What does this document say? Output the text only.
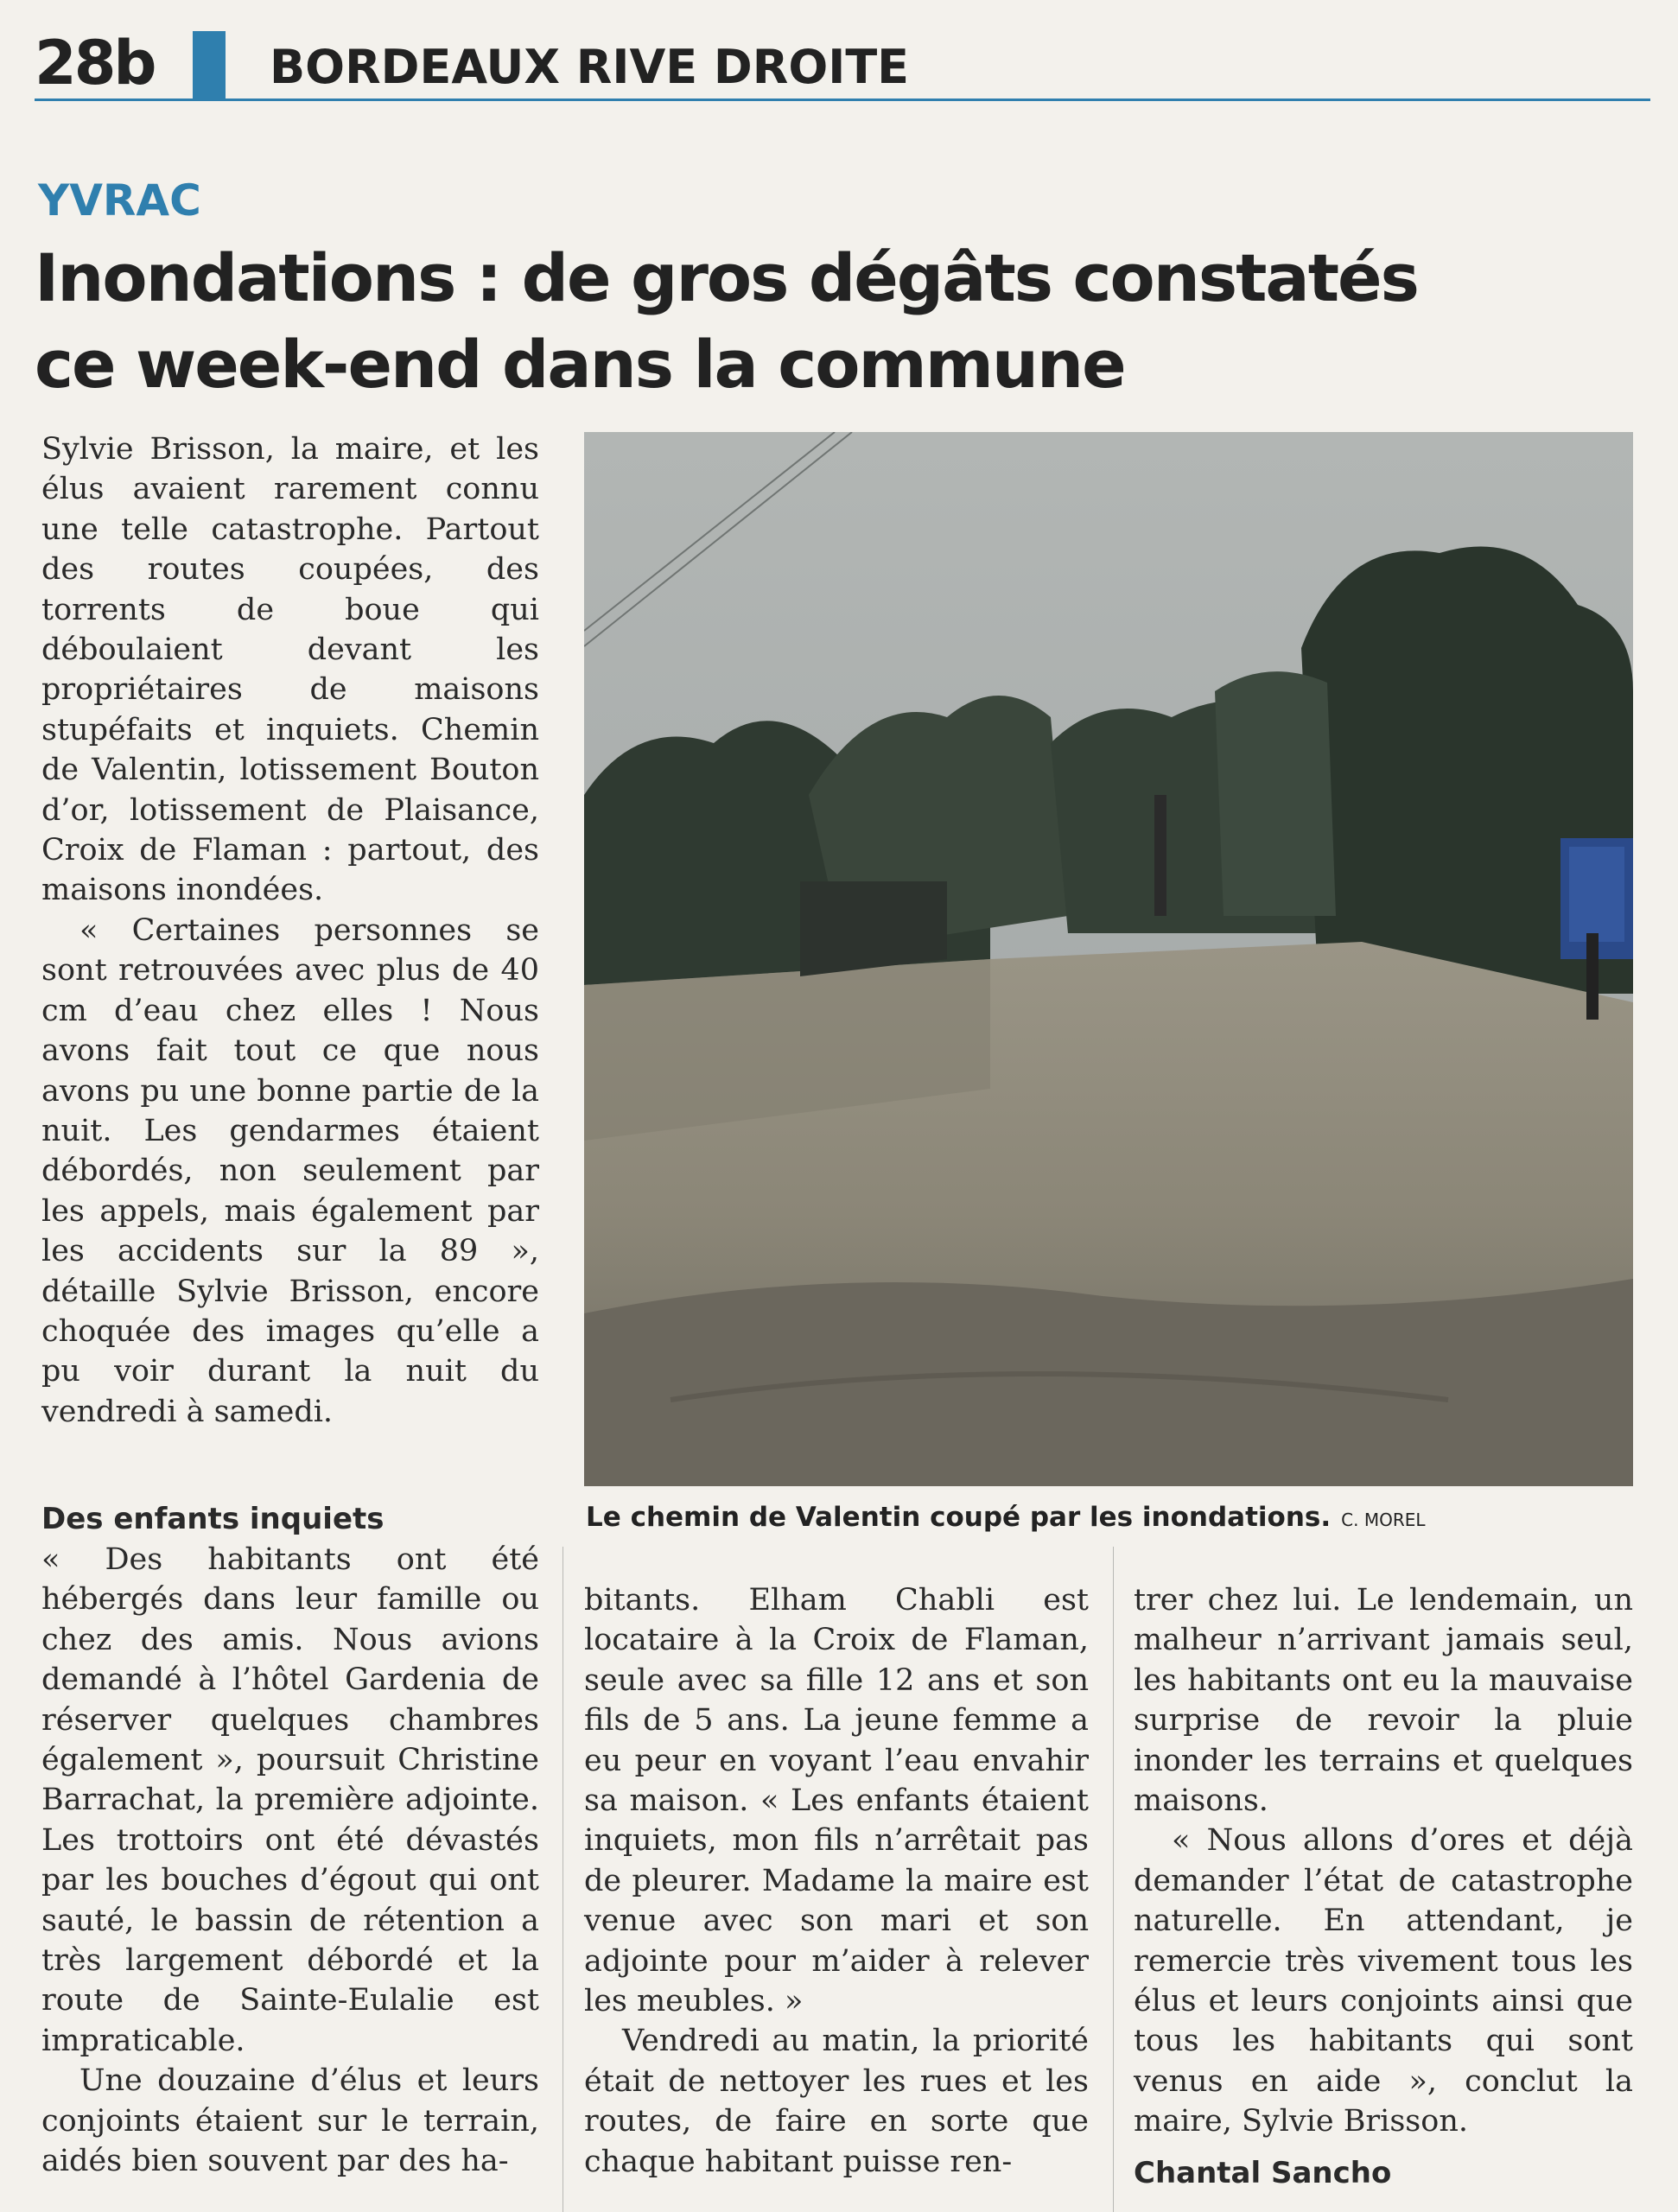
28b BORDEAUX RIVE DROITE
YVRAC
Inondations : de gros dégâts constatés
ce week-end dans la commune

Sylvie Brisson, la maire, et les élus avaient rarement connu une telle catastrophe. Partout des routes coupées, des torrents de boue qui déboulaient devant les propriétaires de maisons stupéfaits et inquiets. Chemin de Valentin, lotissement Bouton d’or, lotissement de Plaisance, Croix de Flaman : partout, des maisons inondées.

« Certaines personnes se sont retrouvées avec plus de 40 cm d’eau chez elles ! Nous avons fait tout ce que nous avons pu une bonne partie de la nuit. Les gendarmes étaient débordés, non seulement par les appels, mais également par les accidents sur la 89 », détaille Sylvie Brisson, encore choquée des images qu’elle a pu voir durant la nuit du vendredi à samedi.

Des enfants inquiets	Le chemin de Valentin coupé par les inondations. C. MOREL

« Des habitants ont été hébergés dans leur famille ou chez des amis. Nous avions demandé à l’hôtel Gardenia de réserver quelques chambres également », poursuit Christine Barrachat, la première adjointe. Les trottoirs ont été dévastés par les bouches d’égout qui ont sauté, le bassin de rétention a très largement débordé et la route de Sainte-Eulalie est impraticable.

Une douzaine d’élus et leurs conjoints étaient sur le terrain, aidés bien souvent par des ha-

bitants. Elham Chabli est locataire à la Croix de Flaman, seule avec sa fille 12 ans et son fils de 5 ans. La jeune femme a eu peur en voyant l’eau envahir sa maison. « Les enfants étaient inquiets, mon fils n’arrêtait pas de pleurer. Madame la maire est venue avec son mari et son adjointe pour m’aider à relever les meubles. »

Vendredi au matin, la priorité était de nettoyer les rues et les routes, de faire en sorte que chaque habitant puisse ren-

trer chez lui. Le lendemain, un malheur n’arrivant jamais seul, les habitants ont eu la mauvaise surprise de revoir la pluie inonder les terrains et quelques maisons.

« Nous allons d’ores et déjà demander l’état de catastrophe naturelle. En attendant, je remercie très vivement tous les élus et leurs conjoints ainsi que tous les habitants qui sont venus en aide », conclut la maire, Sylvie Brisson.

Chantal Sancho
